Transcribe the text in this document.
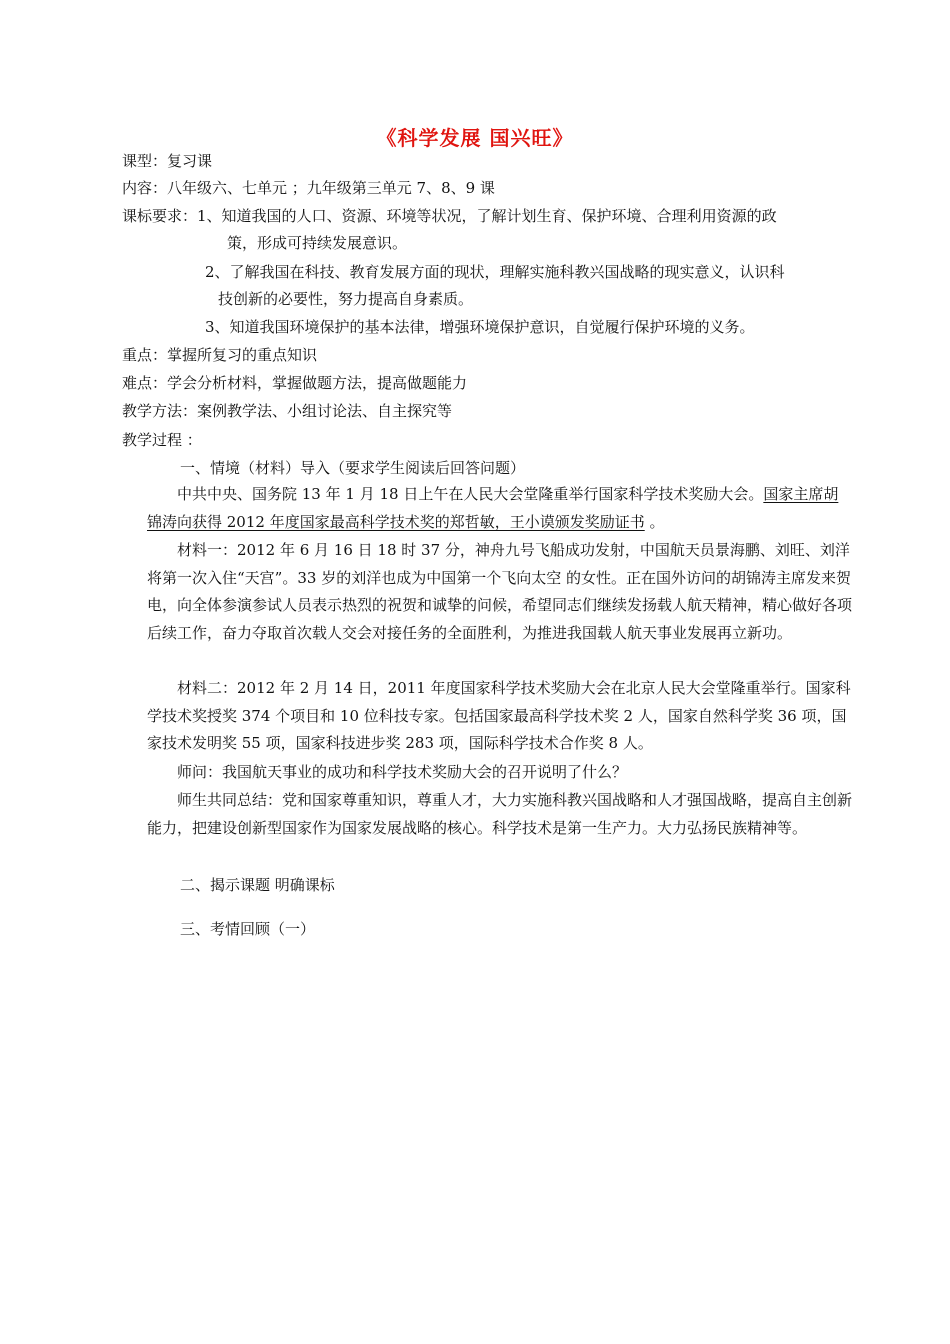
《科学发展 国兴旺》
课型：复习课
内容：八年级六、七单元 ；九年级第三单元 7、8、9 课
课标要求：1、知道我国的人口、资源、环境等状况，了解计划生育、保护环境、合理利用资源的政
策，形成可持续发展意识。
2、了解我国在科技、教育发展方面的现状，理解实施科教兴国战略的现实意义，认识科
技创新的必要性，努力提高自身素质。
3、知道我国环境保护的基本法律，增强环境保护意识，自觉履行保护环境的义务。
重点：掌握所复习的重点知识
难点：学会分析材料，掌握做题方法，提高做题能力
教学方法：案例教学法、小组讨论法、自主探究等
教学过程 ：
一、情境（材料）导入（要求学生阅读后回答问题）
中共中央、国务院 13 年 1 月 18 日上午在人民大会堂隆重举行国家科学技术奖励大会。国家主席胡锦涛向获得 2012 年度国家最高科学技术奖的郑哲敏，王小谟颁发奖励证书 。
材料一：2012 年 6 月 16 日 18 时 37 分，神舟九号飞船成功发射，中国航天员景海鹏、刘旺、刘洋将第一次入住“天宫”。33 岁的刘洋也成为中国第一个飞向太空 的女性。正在国外访问的胡锦涛主席发来贺电，向全体参演参试人员表示热烈的祝贺和诚挚的问候，希望同志们继续发扬载人航天精神，精心做好各项后续工作，奋力夺取首次载人交会对接任务的全面胜利，为推进我国载人航天事业发展再立新功。
材料二：2012 年 2 月 14 日，2011 年度国家科学技术奖励大会在北京人民大会堂隆重举行。国家科学技术奖授奖 374 个项目和 10 位科技专家。包括国家最高科学技术奖 2 人，国家自然科学奖 36 项，国家技术发明奖 55 项，国家科技进步奖 283 项，国际科学技术合作奖 8 人。
师问：我国航天事业的成功和科学技术奖励大会的召开说明了什么？
师生共同总结：党和国家尊重知识，尊重人才，大力实施科教兴国战略和人才强国战略，提高自主创新能力，把建设创新型国家作为国家发展战略的核心。科学技术是第一生产力。大力弘扬民族精神等。
二、揭示课题 明确课标
三、考情回顾（一）
